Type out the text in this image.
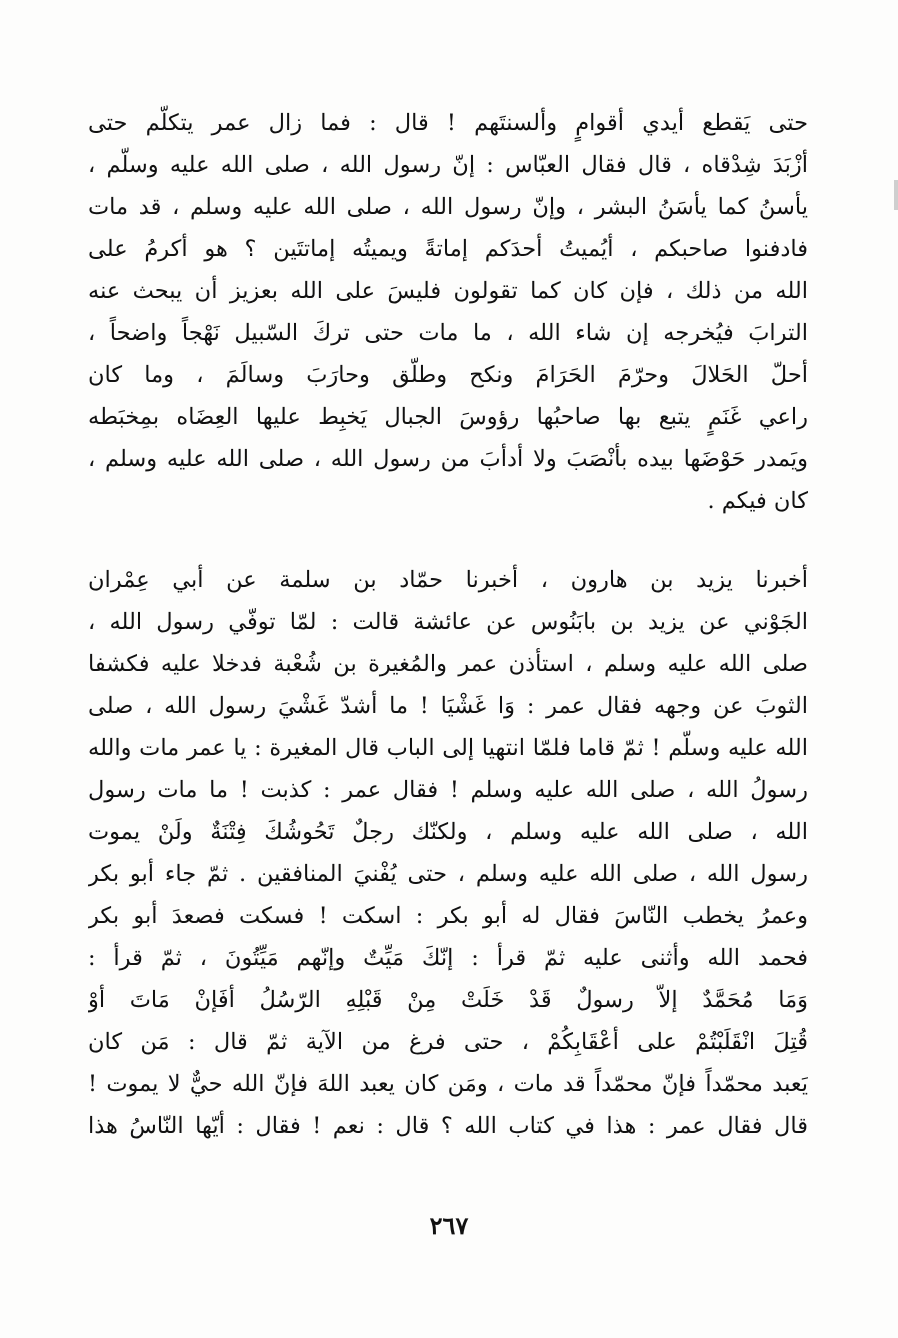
حتى يَقطع أيدي أقوامٍ وألسنتَهم ! قال : فما زال عمر يتكلّم حتى
أزْبَدَ شِدْقاه ، قال فقال العبّاس : إنّ رسول الله ، صلى الله عليه وسلّم ،
يأسنُ كما يأسَنُ البشر ، وإنّ رسول الله ، صلى الله عليه وسلم ، قد مات
فادفنوا صاحبكم ، أيُميتُ أحدَكم إماتةً ويميتُه إماتتَين ؟ هو أكرمُ على
الله من ذلك ، فإن كان كما تقولون فليسَ على الله بعزيز أن يبحث عنه
الترابَ فيُخرجه إن شاء الله ، ما مات حتى تركَ السّبيل نَهْجاً واضحاً ،
أحلّ الحَلالَ وحرّمَ الحَرَامَ ونكح وطلّق وحارَبَ وسالَمَ ، وما كان
راعي غَنَمٍ يتبع بها صاحبُها رؤوسَ الجبال يَخبِط عليها العِضَاه بمِخبَطه
ويَمدر حَوْضَها بيده بأنْصَبَ ولا أدأبَ من رسول الله ، صلى الله عليه وسلم ،
كان فيكم .
أخبرنا يزيد بن هارون ، أخبرنا حمّاد بن سلمة عن أبي عِمْران
الجَوْني عن يزيد بن بابَنُوس عن عائشة قالت : لمّا توفّي رسول الله ،
صلى الله عليه وسلم ، استأذن عمر والمُغيرة بن شُعْبة فدخلا عليه فكشفا
الثوبَ عن وجهه فقال عمر : وَا غَشْيَا ! ما أشدّ غَشْيَ رسول الله ، صلى
الله عليه وسلّم ! ثمّ قاما فلمّا انتهيا إلى الباب قال المغيرة : يا عمر مات والله
رسولُ الله ، صلى الله عليه وسلم ! فقال عمر : كذبت ! ما مات رسول
الله ، صلى الله عليه وسلم ، ولكنّك رجلٌ تَحُوشُكَ فِتْنَةٌ ولَنْ يموت
رسول الله ، صلى الله عليه وسلم ، حتى يُفْنيَ المنافقين . ثمّ جاء أبو بكر
وعمرُ يخطب النّاسَ فقال له أبو بكر : اسكت ! فسكت فصعدَ أبو بكر
فحمد الله وأثنى عليه ثمّ قرأ : إنّكَ مَيِّتٌ وإنّهم مَيِّتُونَ ، ثمّ قرأ :
وَمَا مُحَمَّدٌ إلاّ رسولٌ قَدْ خَلَتْ مِنْ قَبْلِهِ الرّسُلُ أفَإنْ مَاتَ أوْ
قُتِلَ انْقَلَبْتُمْ على أعْقَابِكُمْ ، حتى فرغ من الآية ثمّ قال : مَن كان
يَعبد محمّداً فإنّ محمّداً قد مات ، ومَن كان يعبد اللهَ فإنّ الله حيٌّ لا يموت !
قال فقال عمر : هذا في كتاب الله ؟ قال : نعم ! فقال : أيّها النّاسُ هذا
٢٦٧
